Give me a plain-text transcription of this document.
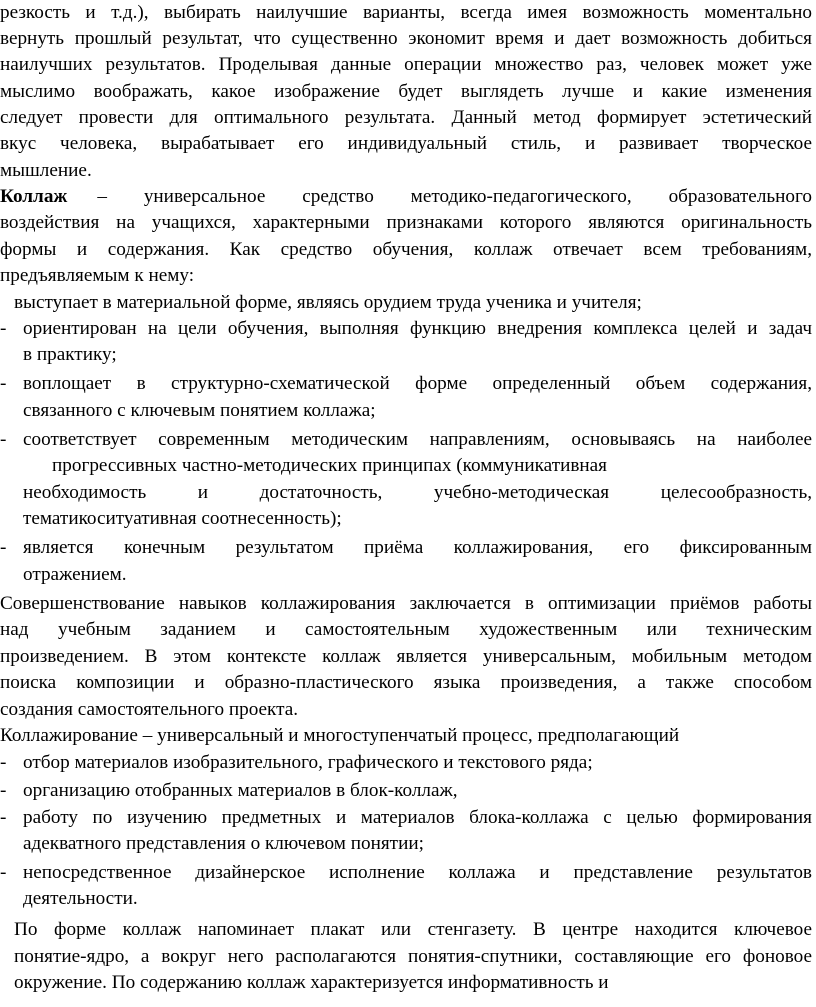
резкость и т.д.), выбирать наилучшие варианты, всегда имея возможность моментально
вернуть прошлый результат, что существенно экономит время и дает возможность добиться
наилучших результатов. Проделывая данные операции множество раз, человек может уже
мыслимо воображать, какое изображение будет выглядеть лучше и какие изменения
следует провести для оптимального результата. Данный метод формирует эстетический
вкус человека, вырабатывает его индивидуальный стиль, и развивает творческое
мышление.
Коллаж – универсальное средство методико-педагогического, образовательного
воздействия на учащихся, характерными признаками которого являются оригинальность
формы и содержания. Как средство обучения, коллаж отвечает всем требованиям,
предъявляемым к нему:
выступает в материальной форме, являясь орудием труда ученика и учителя;
- ориентирован на цели обучения, выполняя функцию внедрения комплекса целей и задач
в практику;
- воплощает в структурно-схематической форме определенный объем содержания,
связанного с ключевым понятием коллажа;
- соответствует современным методическим направлениям, основываясь на наиболее
прогрессивных частно-методических принципах (коммуникативная
необходимость и достаточность, учебно-методическая целесообразность,
тематикоситуативная соотнесенность);
- является конечным результатом приёма коллажирования, его фиксированным
отражением.
Совершенствование навыков коллажирования заключается в оптимизации приёмов работы
над учебным заданием и самостоятельным художественным или техническим
произведением. В этом контексте коллаж является универсальным, мобильным методом
поиска композиции и образно-пластического языка произведения, а также способом
создания самостоятельного проекта.
Коллажирование – универсальный и многоступенчатый процесс, предполагающий
- отбор материалов изобразительного, графического и текстового ряда;
- организацию отобранных материалов в блок-коллаж,
- работу по изучению предметных и материалов блока-коллажа с целью формирования
адекватного представления о ключевом понятии;
- непосредственное дизайнерское исполнение коллажа и представление результатов
деятельности.
По форме коллаж напоминает плакат или стенгазету. В центре находится ключевое
понятие-ядро, а вокруг него располагаются понятия-спутники, составляющие его фоновое
окружение. По содержанию коллаж характеризуется информативность и
